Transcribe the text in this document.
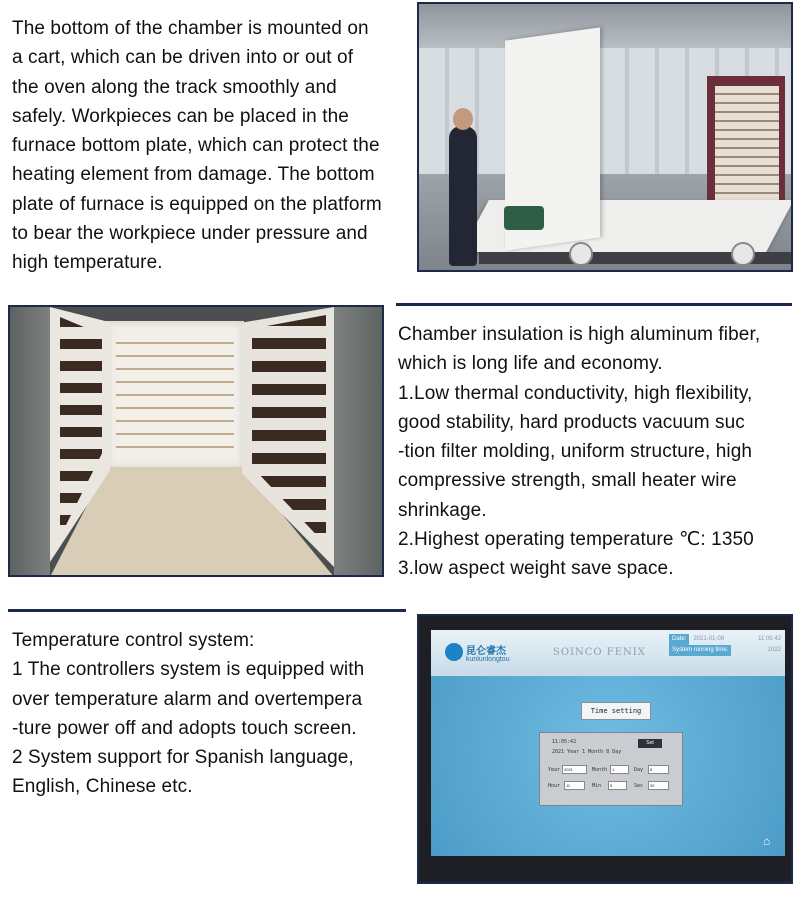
The bottom of the chamber is mounted on
a cart, which can be driven into or out of
the oven along the track smoothly and
safely. Workpieces can be placed in the
furnace bottom plate, which can protect the
heating element from damage. The bottom
plate of furnace is equipped on the platform
to bear the workpiece under pressure and
high temperature.
Chamber insulation is high aluminum fiber,
which is long life and economy.
1.Low thermal conductivity, high flexibility,
good stability, hard products vacuum suc
-tion filter molding, uniform structure, high
compressive strength, small heater wire
shrinkage.
2.Highest operating temperature ℃: 1350
3.low aspect weight save space.
Temperature control system:
1 The controllers system is equipped with
over temperature alarm and overtempera
-ture power off and adopts touch screen.
2 System support for Spanish language,
English, Chinese etc.
昆仑睿杰
kunlunlongtou
SOINCO FENIX
Date: 2021-01-08	11:05:42
System running time:	1022
Time setting
11:05:42
2021 Year 1 Month 8 Day
Set
Year 2021	Month	1	Day	8
Hour	11	Min	5	Sec	30
⌂
